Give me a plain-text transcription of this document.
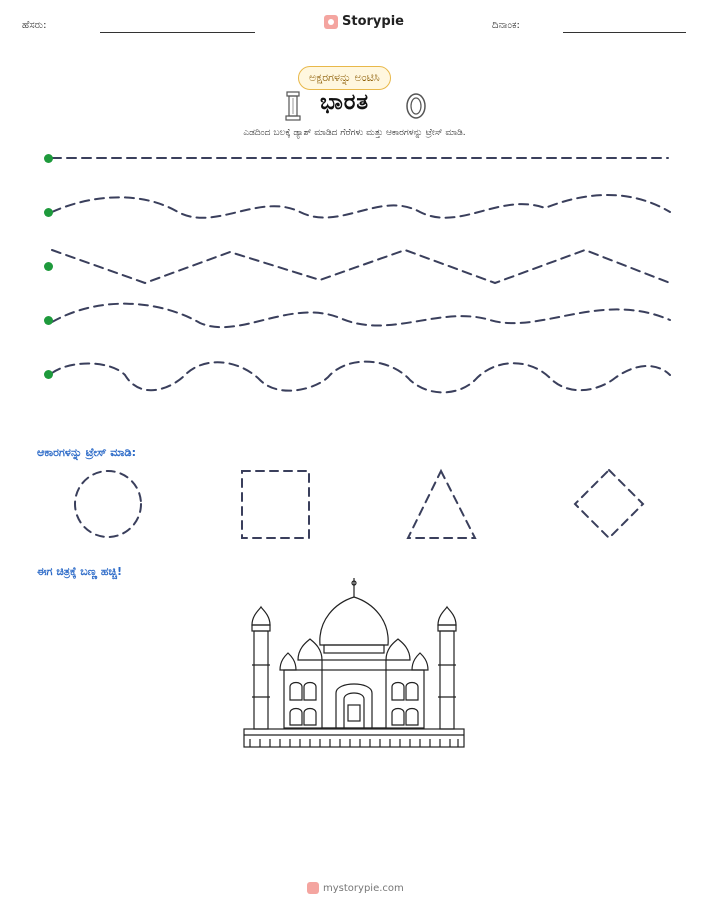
ಹೆಸರು:	Storypie	ದಿನಾಂಕ:
ಅಕ್ಷರಗಳನ್ನು ಅಂಟಿಸಿ
ಭಾರತ
ಎಡದಿಂದ ಬಲಕ್ಕೆ ಡ್ಯಾಶ್ ಮಾಡಿದ ಗೆರೆಗಳು ಮತ್ತು ಆಕಾರಗಳನ್ನು ಟ್ರೇಸ್ ಮಾಡಿ.
ಆಕಾರಗಳನ್ನು ಟ್ರೇಸ್ ಮಾಡಿ:
ಈಗ ಚಿತ್ರಕ್ಕೆ ಬಣ್ಣ ಹಚ್ಚಿ!
mystorypie.com
